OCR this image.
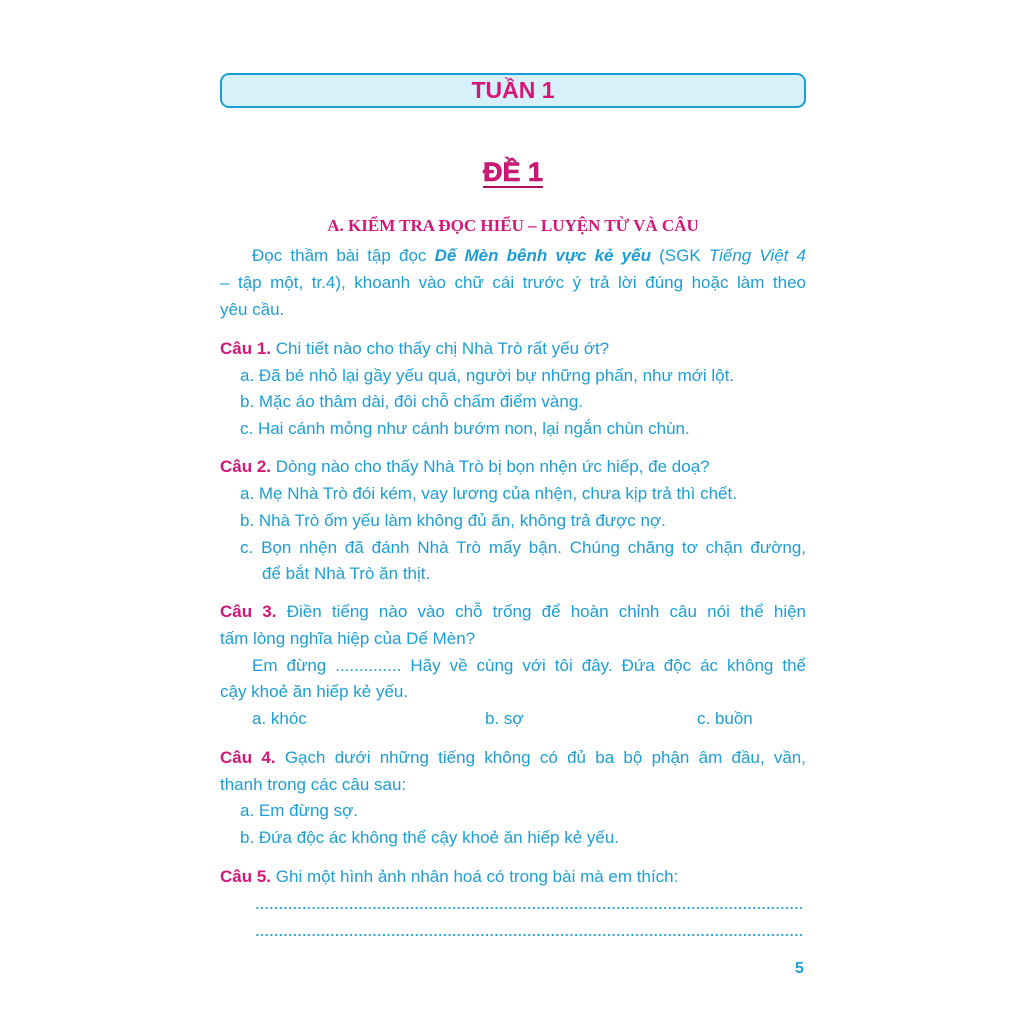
TUẦN 1
ĐỀ 1
A. KIỂM TRA ĐỌC HIỂU – LUYỆN TỪ VÀ CÂU
Đọc thầm bài tập đọc Dế Mèn bênh vực kẻ yếu (SGK Tiếng Việt 4
– tập một, tr.4), khoanh vào chữ cái trước ý trả lời đúng hoặc làm theo
yêu cầu.
Câu 1. Chi tiết nào cho thấy chị Nhà Trò rất yếu ớt?
a. Đã bé nhỏ lại gầy yếu quá, người bự những phấn, như mới lột.
b. Mặc áo thâm dài, đôi chỗ chấm điểm vàng.
c. Hai cánh mỏng như cánh bướm non, lại ngắn chùn chùn.
Câu 2. Dòng nào cho thấy Nhà Trò bị bọn nhện ức hiếp, đe doạ?
a. Mẹ Nhà Trò đói kém, vay lương của nhện, chưa kịp trả thì chết.
b. Nhà Trò ốm yếu làm không đủ ăn, không trả được nợ.
c. Bọn nhện đã đánh Nhà Trò mấy bận. Chúng chăng tơ chặn đường,
để bắt Nhà Trò ăn thịt.
Câu 3. Điền tiếng nào vào chỗ trống để hoàn chỉnh câu nói thể hiện
tấm lòng nghĩa hiệp của Dế Mèn?
Em đừng .............. Hãy về cùng với tôi đây. Đứa độc ác không thể
cậy khoẻ ăn hiếp kẻ yếu.
a. khóc	b. sợ	c. buồn
Câu 4. Gạch dưới những tiếng không có đủ ba bộ phận âm đầu, vần,
thanh trong các câu sau:
a. Em đừng sợ.
b. Đứa độc ác không thể cậy khoẻ ăn hiếp kẻ yếu.
Câu 5. Ghi một hình ảnh nhân hoá có trong bài mà em thích:
5
